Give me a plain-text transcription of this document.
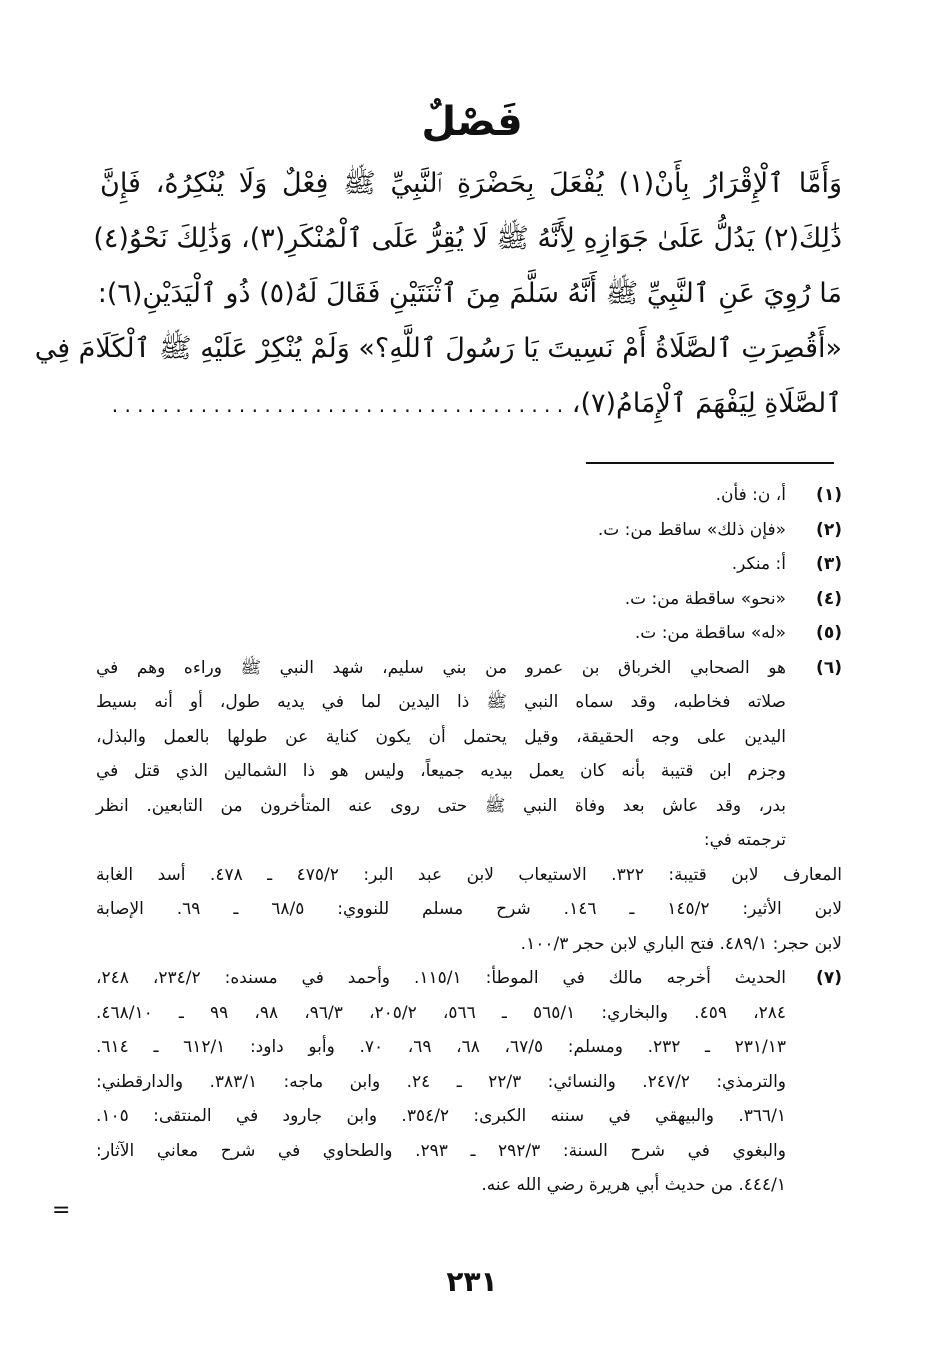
فَصْلٌ
وَأَمَّا ٱلْإِقْرَارُ بِأَنْ(١) يُفْعَلَ بِحَضْرَةِ ٱلنَّبِيِّ ﷺ فِعْلٌ وَلَا يُنْكِرُهُ، فَإِنَّ
ذَٰلِكَ(٢) يَدُلُّ عَلَىٰ جَوَازِهِ لِأَنَّهُ ﷺ لَا يُقِرُّ عَلَى ٱلْمُنْكَرِ(٣)، وَذَٰلِكَ نَحْوُ(٤)
مَا رُوِيَ عَنِ ٱلنَّبِيِّ ﷺ أَنَّهُ سَلَّمَ مِنَ ٱثْنَتَيْنِ فَقَالَ لَهُ(٥) ذُو ٱلْيَدَيْنِ(٦):
«أَقُصِرَتِ ٱلصَّلَاةُ أَمْ نَسِيتَ يَا رَسُولَ ٱللَّهِ؟» وَلَمْ يُنْكِرْ عَلَيْهِ ﷺ ٱلْكَلَامَ فِي
ٱلصَّلَاةِ لِيَفْهَمَ ٱلْإِمَامُ(٧)، . . . . . . . . . . . . . . . . . . . . . . . . . . . . . . . . . . . .
(١)
أ، ن: فأن.
(٢)
«فإن ذلك» ساقط من: ت.
(٣)
أ: منكر.
(٤)
«نحو» ساقطة من: ت.
(٥)
«له» ساقطة من: ت.
(٦)
هو الصحابي الخرباق بن عمرو من بني سليم، شهد النبي ﷺ وراءه وهم في
صلاته فخاطبه، وقد سماه النبي ﷺ ذا اليدين لما في يديه طول، أو أنه بسيط
اليدين على وجه الحقيقة، وقيل يحتمل أن يكون كناية عن طولها بالعمل والبذل،
وجزم ابن قتيبة بأنه كان يعمل بيديه جميعاً، وليس هو ذا الشمالين الذي قتل في
بدر، وقد عاش بعد وفاة النبي ﷺ حتى روى عنه المتأخرون من التابعين. انظر
ترجمته في:
المعارف لابن قتيبة: ٣٢٢. الاستيعاب لابن عبد البر: ٤٧٥/٢ ـ ٤٧٨. أسد الغابة
لابن الأثير: ١٤٥/٢ ـ ١٤٦. شرح مسلم للنووي: ٦٨/٥ ـ ٦٩. الإصابة
لابن حجر: ٤٨٩/١. فتح الباري لابن حجر ١٠٠/٣.
(٧)
الحديث أخرجه مالك في الموطأ: ١١٥/١. وأحمد في مسنده: ٢٣٤/٢، ٢٤٨،
٢٨٤، ٤٥٩. والبخاري: ٥٦٥/١ ـ ٥٦٦، ٢٠٥/٢، ٩٦/٣، ٩٨، ٩٩ ـ ٤٦٨/١٠.
٢٣١/١٣ ـ ٢٣٢. ومسلم: ٦٧/٥، ٦٨، ٦٩، ٧٠. وأبو داود: ٦١٢/١ ـ ٦١٤.
والترمذي: ٢٤٧/٢. والنسائي: ٢٢/٣ ـ ٢٤. وابن ماجه: ٣٨٣/١. والدارقطني:
٣٦٦/١. والبيهقي في سننه الكبرى: ٣٥٤/٢. وابن جارود في المنتقى: ١٠٥.
والبغوي في شرح السنة: ٢٩٢/٣ ـ ٢٩٣. والطحاوي في شرح معاني الآثار:
٤٤٤/١. من حديث أبي هريرة رضي الله عنه.
=
٢٣١
